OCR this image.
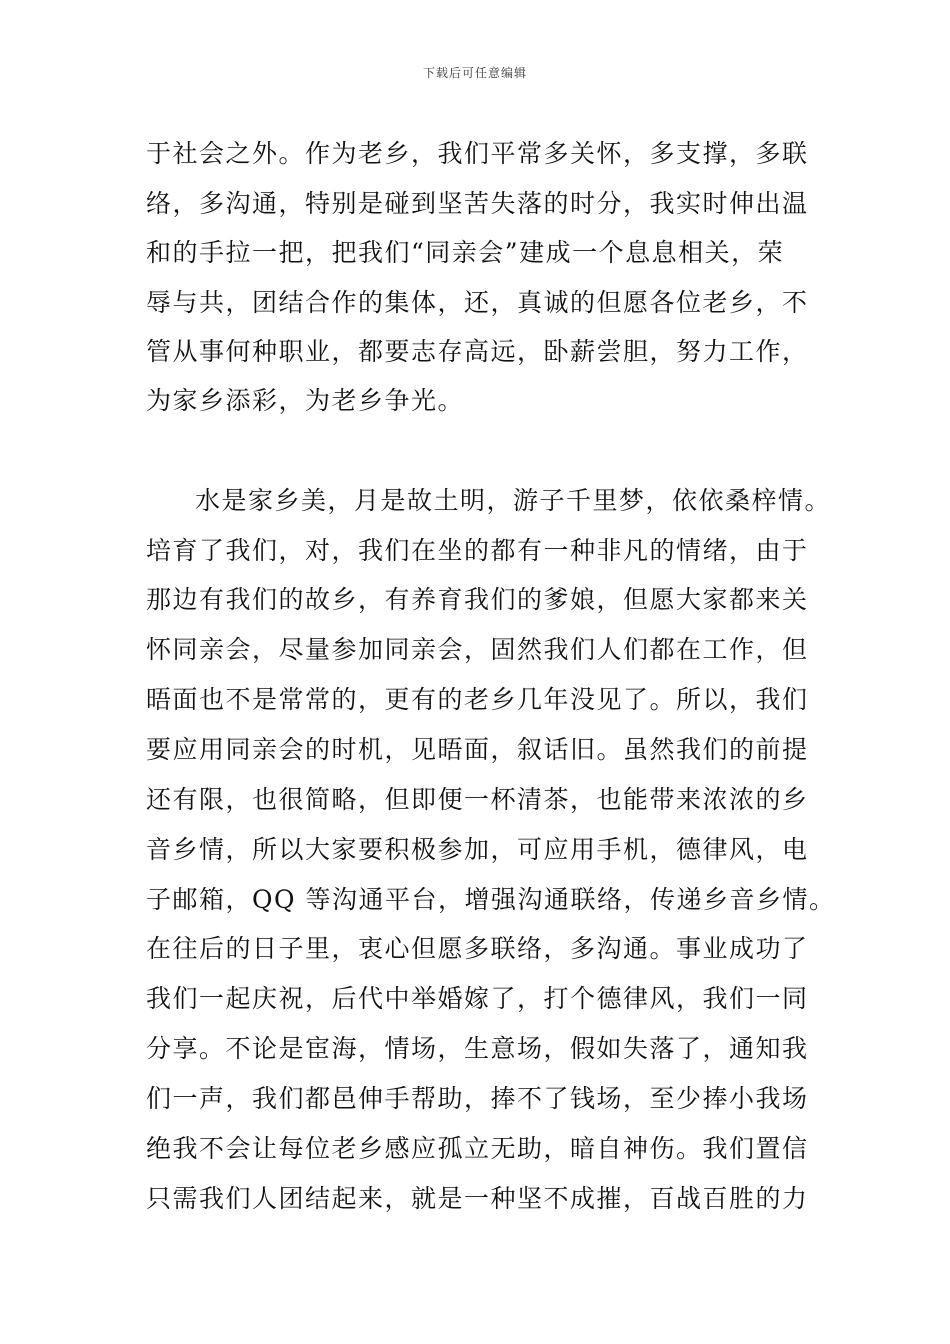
下载后可任意编辑
于社会之外。作为老乡，我们平常多关怀，多支撑，多联
络，多沟通，特别是碰到坚苦失落的时分，我实时伸出温
和的手拉一把，把我们“同亲会”建成一个息息相关，荣
辱与共，团结合作的集体，还，真诚的但愿各位老乡，不
管从事何种职业，都要志存高远，卧薪尝胆，努力工作，
为家乡添彩，为老乡争光。
水是家乡美，月是故土明，游子千里梦，依依桑梓情。
培育了我们，对，我们在坐的都有一种非凡的情绪，由于
那边有我们的故乡，有养育我们的爹娘，但愿大家都来关
怀同亲会，尽量参加同亲会，固然我们人们都在工作，但
晤面也不是常常的，更有的老乡几年没见了。所以，我们
要应用同亲会的时机，见晤面，叙话旧。虽然我们的前提
还有限，也很简略，但即便一杯清茶，也能带来浓浓的乡
音乡情，所以大家要积极参加，可应用手机，德律风，电
子邮箱，QQ 等沟通平台，增强沟通联络，传递乡音乡情。
在往后的日子里，衷心但愿多联络，多沟通。事业成功了
我们一起庆祝，后代中举婚嫁了，打个德律风，我们一同
分享。不论是宦海，情场，生意场，假如失落了，通知我
们一声，我们都邑伸手帮助，捧不了钱场，至少捧小我场
绝我不会让每位老乡感应孤立无助，暗自神伤。我们置信
只需我们人团结起来，就是一种坚不成摧，百战百胜的力
